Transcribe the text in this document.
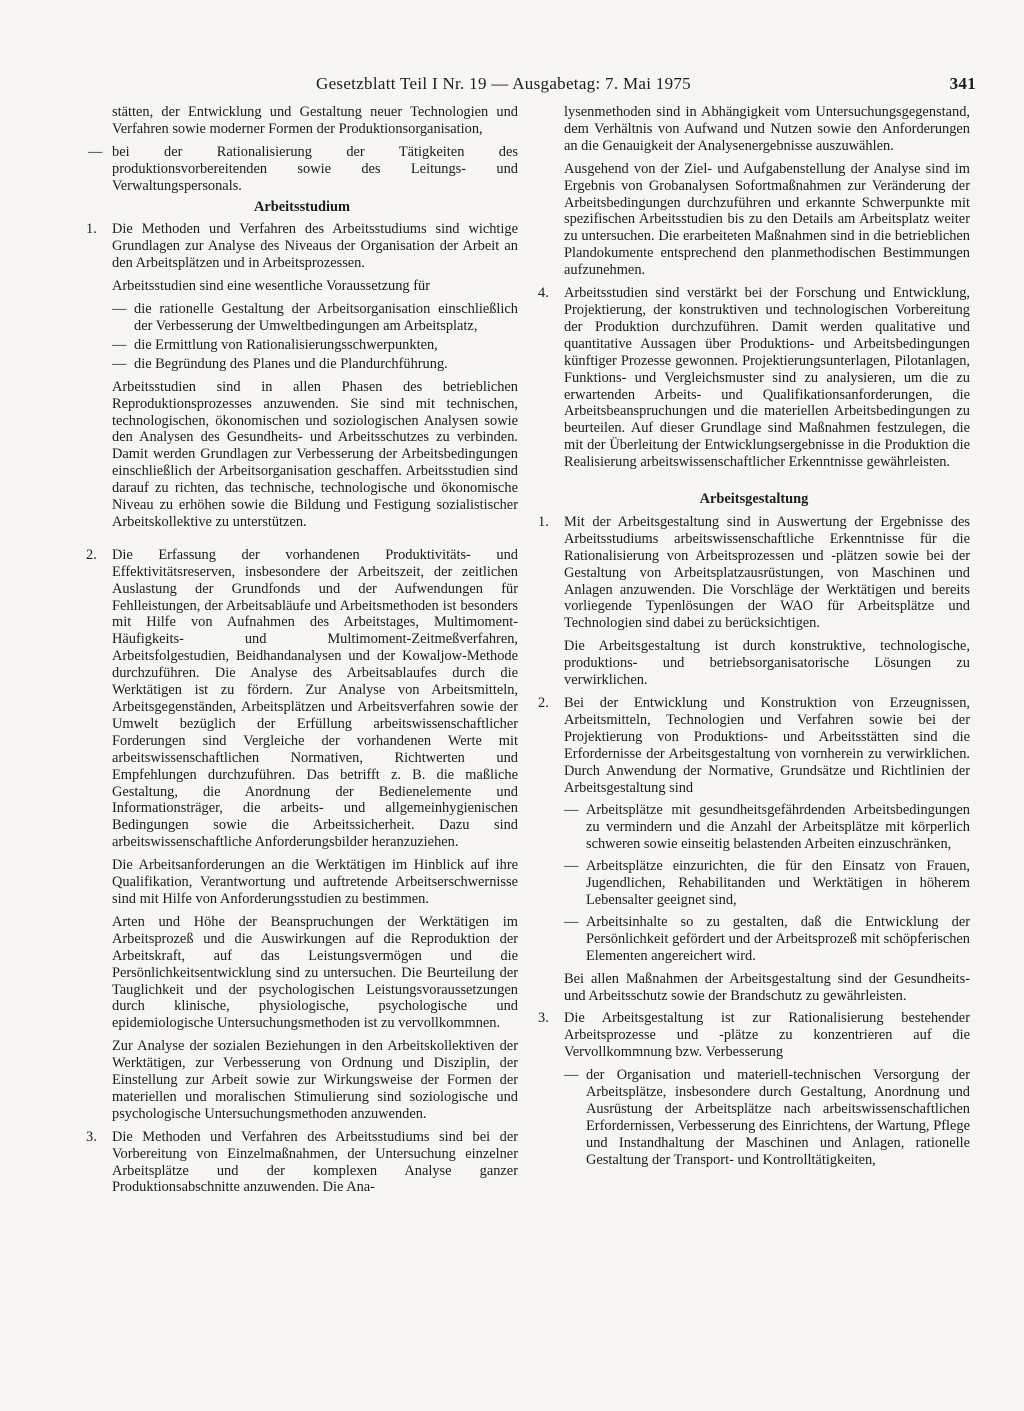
Gesetzblatt Teil I Nr. 19 — Ausgabetag: 7. Mai 1975	341

stätten, der Entwicklung und Gestaltung neuer Technologien und Verfahren sowie moderner Formen der Produktionsorganisation,

— bei der Rationalisierung der Tätigkeiten des produktionsvorbereitenden sowie des Leitungs- und Verwaltungspersonals.
Arbeitsstudium
1. Die Methoden und Verfahren des Arbeitsstudiums sind wichtige Grundlagen zur Analyse des Niveaus der Organisation der Arbeit an den Arbeitsplätzen und in Arbeitsprozessen.

Arbeitsstudien sind eine wesentliche Voraussetzung für

— die rationelle Gestaltung der Arbeitsorganisation einschließlich der Verbesserung der Umweltbedingungen am Arbeitsplatz,
— die Ermittlung von Rationalisierungsschwerpunkten,
— die Begründung des Planes und die Plandurchführung.

Arbeitsstudien sind in allen Phasen des betrieblichen Reproduktionsprozesses anzuwenden. Sie sind mit technischen, technologischen, ökonomischen und soziologischen Analysen sowie den Analysen des Gesundheits- und Arbeitsschutzes zu verbinden. Damit werden Grundlagen zur Verbesserung der Arbeitsbedingungen einschließlich der Arbeitsorganisation geschaffen. Arbeitsstudien sind darauf zu richten, das technische, technologische und ökonomische Niveau zu erhöhen sowie die Bildung und Festigung sozialistischer Arbeitskollektive zu unterstützen.

2. Die Erfassung der vorhandenen Produktivitäts- und Effektivitätsreserven, insbesondere der Arbeitszeit, der zeitlichen Auslastung der Grundfonds und der Aufwendungen für Fehlleistungen, der Arbeitsabläufe und Arbeitsmethoden ist besonders mit Hilfe von Aufnahmen des Arbeitstages, Multimoment-Häufigkeits- und Multimoment-Zeitmeßverfahren, Arbeitsfolgestudien, Beidhandanalysen und der Kowaljow-Methode durchzuführen. Die Analyse des Arbeitsablaufes durch die Werktätigen ist zu fördern. Zur Analyse von Arbeitsmitteln, Arbeitsgegenständen, Arbeitsplätzen und Arbeitsverfahren sowie der Umwelt bezüglich der Erfüllung arbeitswissenschaftlicher Forderungen sind Vergleiche der vorhandenen Werte mit arbeitswissenschaftlichen Normativen, Richtwerten und Empfehlungen durchzuführen. Das betrifft z. B. die maßliche Gestaltung, die Anordnung der Bedienelemente und Informationsträger, die arbeits- und allgemeinhygienischen Bedingungen sowie die Arbeitssicherheit. Dazu sind arbeitswissenschaftliche Anforderungsbilder heranzuziehen.

Die Arbeitsanforderungen an die Werktätigen im Hinblick auf ihre Qualifikation, Verantwortung und auftretende Arbeitserschwernisse sind mit Hilfe von Anforderungsstudien zu bestimmen.

Arten und Höhe der Beanspruchungen der Werktätigen im Arbeitsprozeß und die Auswirkungen auf die Reproduktion der Arbeitskraft, auf das Leistungsvermögen und die Persönlichkeitsentwicklung sind zu untersuchen. Die Beurteilung der Tauglichkeit und der psychologischen Leistungsvoraussetzungen durch klinische, physiologische, psychologische und epidemiologische Untersuchungsmethoden ist zu vervollkommnen.

Zur Analyse der sozialen Beziehungen in den Arbeitskollektiven der Werktätigen, zur Verbesserung von Ordnung und Disziplin, der Einstellung zur Arbeit sowie zur Wirkungsweise der Formen der materiellen und moralischen Stimulierung sind soziologische und psychologische Untersuchungsmethoden anzuwenden.

3. Die Methoden und Verfahren des Arbeitsstudiums sind bei der Vorbereitung von Einzelmaßnahmen, der Untersuchung einzelner Arbeitsplätze und der komplexen Analyse ganzer Produktionsabschnitte anzuwenden. Die Ana-

lysenmethoden sind in Abhängigkeit vom Untersuchungsgegenstand, dem Verhältnis von Aufwand und Nutzen sowie den Anforderungen an die Genauigkeit der Analysenergebnisse auszuwählen.

Ausgehend von der Ziel- und Aufgabenstellung der Analyse sind im Ergebnis von Grobanalysen Sofortmaßnahmen zur Veränderung der Arbeitsbedingungen durchzuführen und erkannte Schwerpunkte mit spezifischen Arbeitsstudien bis zu den Details am Arbeitsplatz weiter zu untersuchen. Die erarbeiteten Maßnahmen sind in die betrieblichen Plandokumente entsprechend den planmethodischen Bestimmungen aufzunehmen.

4. Arbeitsstudien sind verstärkt bei der Forschung und Entwicklung, Projektierung, der konstruktiven und technologischen Vorbereitung der Produktion durchzuführen. Damit werden qualitative und quantitative Aussagen über Produktions- und Arbeitsbedingungen künftiger Prozesse gewonnen. Projektierungsunterlagen, Pilotanlagen, Funktions- und Vergleichsmuster sind zu analysieren, um die zu erwartenden Arbeits- und Qualifikationsanforderungen, die Arbeitsbeanspruchungen und die materiellen Arbeitsbedingungen zu beurteilen. Auf dieser Grundlage sind Maßnahmen festzulegen, die mit der Überleitung der Entwicklungsergebnisse in die Produktion die Realisierung arbeitswissenschaftlicher Erkenntnisse gewährleisten.
Arbeitsgestaltung
1. Mit der Arbeitsgestaltung sind in Auswertung der Ergebnisse des Arbeitsstudiums arbeitswissenschaftliche Erkenntnisse für die Rationalisierung von Arbeitsprozessen und -plätzen sowie bei der Gestaltung von Arbeitsplatzausrüstungen, von Maschinen und Anlagen anzuwenden. Die Vorschläge der Werktätigen und bereits vorliegende Typenlösungen der WAO für Arbeitsplätze und Technologien sind dabei zu berücksichtigen.

Die Arbeitsgestaltung ist durch konstruktive, technologische, produktions- und betriebsorganisatorische Lösungen zu verwirklichen.

2. Bei der Entwicklung und Konstruktion von Erzeugnissen, Arbeitsmitteln, Technologien und Verfahren sowie bei der Projektierung von Produktions- und Arbeitsstätten sind die Erfordernisse der Arbeitsgestaltung von vornherein zu verwirklichen. Durch Anwendung der Normative, Grundsätze und Richtlinien der Arbeitsgestaltung sind
— Arbeitsplätze mit gesundheitsgefährdenden Arbeitsbedingungen zu vermindern und die Anzahl der Arbeitsplätze mit körperlich schweren sowie einseitig belastenden Arbeiten einzuschränken,
— Arbeitsplätze einzurichten, die für den Einsatz von Frauen, Jugendlichen, Rehabilitanden und Werktätigen in höherem Lebensalter geeignet sind,
— Arbeitsinhalte so zu gestalten, daß die Entwicklung der Persönlichkeit gefördert und der Arbeitsprozeß mit schöpferischen Elementen angereichert wird.

Bei allen Maßnahmen der Arbeitsgestaltung sind der Gesundheits- und Arbeitsschutz sowie der Brandschutz zu gewährleisten.

3. Die Arbeitsgestaltung ist zur Rationalisierung bestehender Arbeitsprozesse und -plätze zu konzentrieren auf die Vervollkommnung bzw. Verbesserung
— der Organisation und materiell-technischen Versorgung der Arbeitsplätze, insbesondere durch Gestaltung, Anordnung und Ausrüstung der Arbeitsplätze nach arbeitswissenschaftlichen Erfordernissen, Verbesserung des Einrichtens, der Wartung, Pflege und Instandhaltung der Maschinen und Anlagen, rationelle Gestaltung der Transport- und Kontrolltätigkeiten,
